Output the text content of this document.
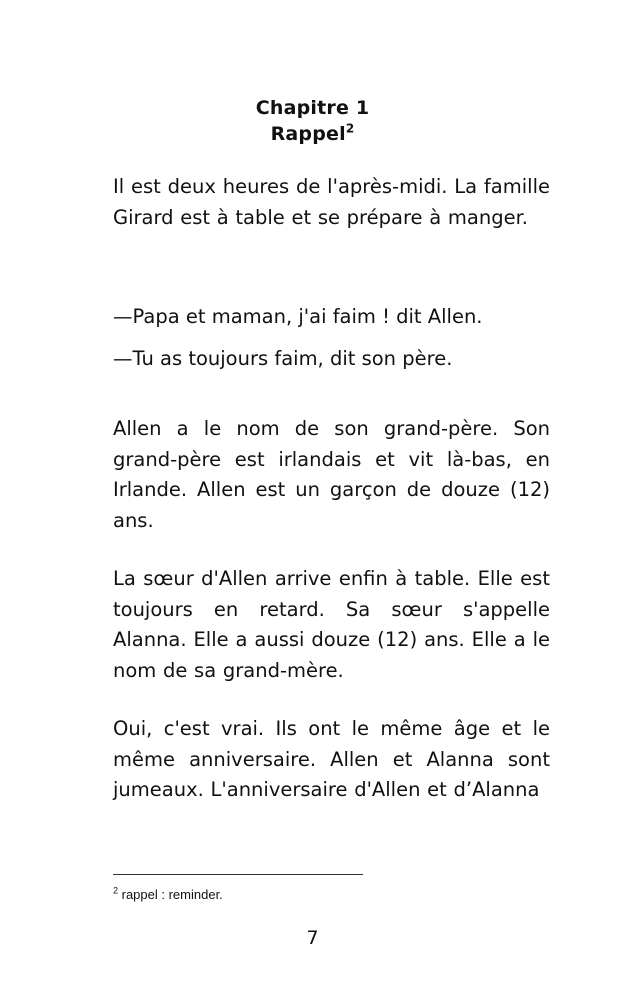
Chapitre 1
Rappel$^2$

Il est deux heures de l'après-midi. La famille Girard est à table et se prépare à manger.

—Papa et maman, j'ai faim ! dit Allen.

—Tu as toujours faim, dit son père.

Allen a le nom de son grand-père. Son grand-père est irlandais et vit là-bas, en Irlande. Allen est un garçon de douze (12) ans.

La sœur d'Allen arrive enfin à table. Elle est toujours en retard. Sa sœur s'appelle Alanna. Elle a aussi douze (12) ans. Elle a le nom de sa grand-mère.

Oui, c'est vrai. Ils ont le même âge et le même anniversaire. Allen et Alanna sont jumeaux. L'anniversaire d'Allen et d’Alanna

$^2$ rappel : reminder.
7
